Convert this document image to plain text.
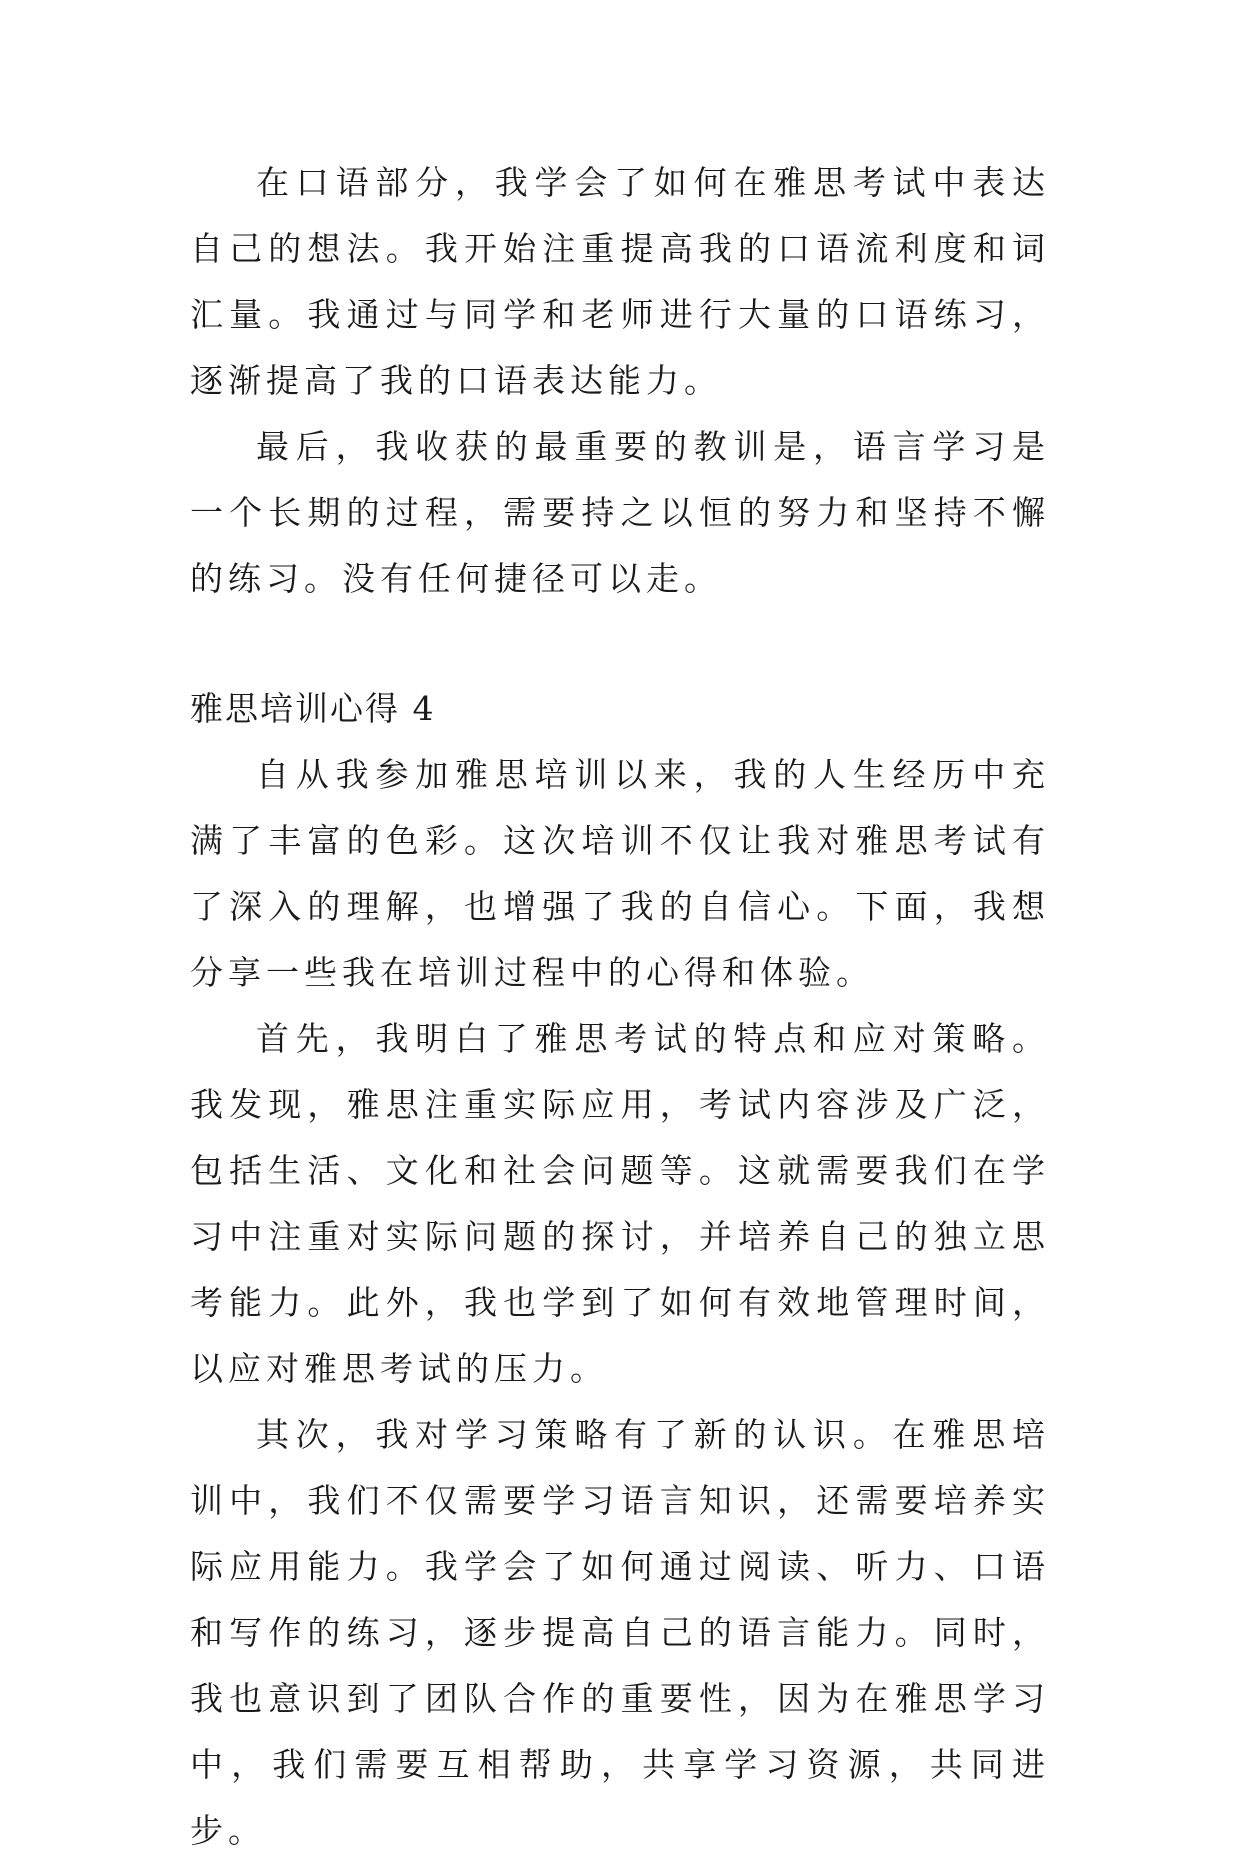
在口语部分，我学会了如何在雅思考试中表达自己的想法。我开始注重提高我的口语流利度和词汇量。我通过与同学和老师进行大量的口语练习，逐渐提高了我的口语表达能力。

最后，我收获的最重要的教训是，语言学习是一个长期的过程，需要持之以恒的努力和坚持不懈的练习。没有任何捷径可以走。

雅思培训心得 4

自从我参加雅思培训以来，我的人生经历中充满了丰富的色彩。这次培训不仅让我对雅思考试有了深入的理解，也增强了我的自信心。下面，我想分享一些我在培训过程中的心得和体验。

首先，我明白了雅思考试的特点和应对策略。我发现，雅思注重实际应用，考试内容涉及广泛，包括生活、文化和社会问题等。这就需要我们在学习中注重对实际问题的探讨，并培养自己的独立思考能力。此外，我也学到了如何有效地管理时间，以应对雅思考试的压力。

其次，我对学习策略有了新的认识。在雅思培训中，我们不仅需要学习语言知识，还需要培养实际应用能力。我学会了如何通过阅读、听力、口语和写作的练习，逐步提高自己的语言能力。同时，我也意识到了团队合作的重要性，因为在雅思学习中，我们需要互相帮助，共享学习资源，共同进步。
